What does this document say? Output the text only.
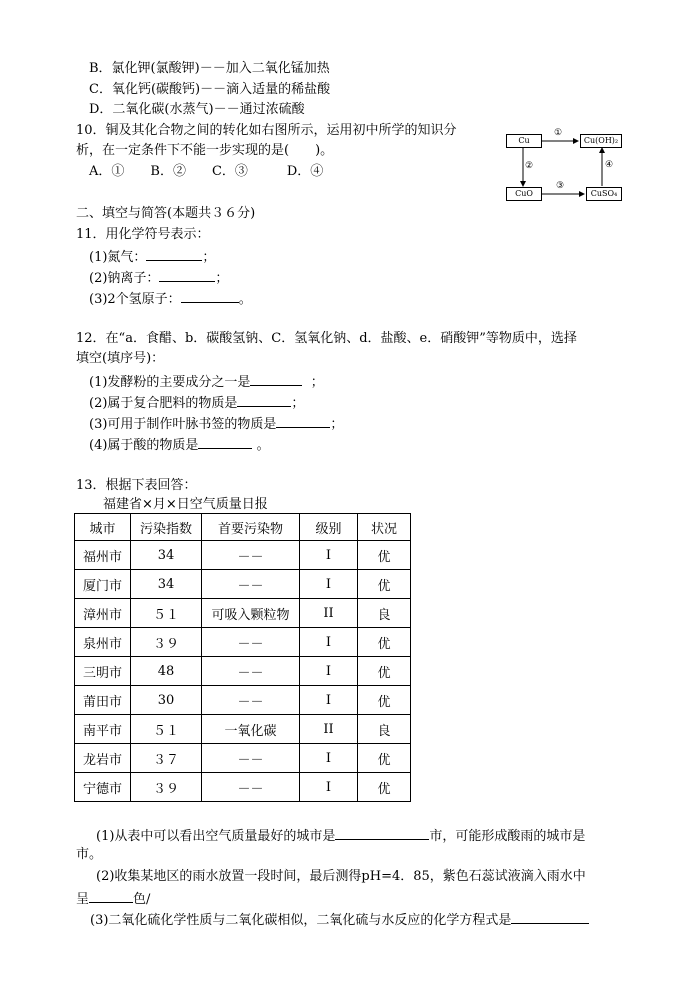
B．氯化钾(氯酸钾)－－加入二氧化锰加热
C．氧化钙(碳酸钙)－－滴入适量的稀盐酸
D．二氧化碳(水蒸气)－－通过浓硫酸
10．铜及其化合物之间的转化如右图所示，运用初中所学的知识分
析，在一定条件下不能一步实现的是(　　)。
A．①　　B．②　　C．③　　　D．④
Cu	Cu(OH)₂
CuO	CuSO₄
①
②
③
④
二、填空与简答(本题共３６分)
11．用化学符号表示：
(1)氮气：	；
(2)钠离子：	；
(3)2个氢原子：	。
12．在“a．食醋、b．碳酸氢钠、C．氢氧化钠、d．盐酸、e．硝酸钾”等物质中，选择
填空(填序号)：
(1)发酵粉的主要成分之一是	；
(2)属于复合肥料的物质是	；
(3)可用于制作叶脉书签的物质是	；
(4)属于酸的物质是	。
13．根据下表回答：
福建省×月×日空气质量日报
城市	污染指数	首要污染物	级别	状况
福州市	34	－－	I	优
厦门市	34	－－	I	优
漳州市	５１	可吸入颗粒物	II	良
泉州市	３９	－－	I	优
三明市	48	－－	I	优
莆田市	30	－－	I	优
南平市	５１	一氧化碳	II	良
龙岩市	３７	－－	I	优
宁德市	３９	－－	I	优
(1)从表中可以看出空气质量最好的城市是	市，可能形成酸雨的城市是
市。
(2)收集某地区的雨水放置一段时间，最后测得pH=4．85，紫色石蕊试液滴入雨水中
呈	色/
(3)二氧化硫化学性质与二氧化碳相似，二氧化硫与水反应的化学方程式是
